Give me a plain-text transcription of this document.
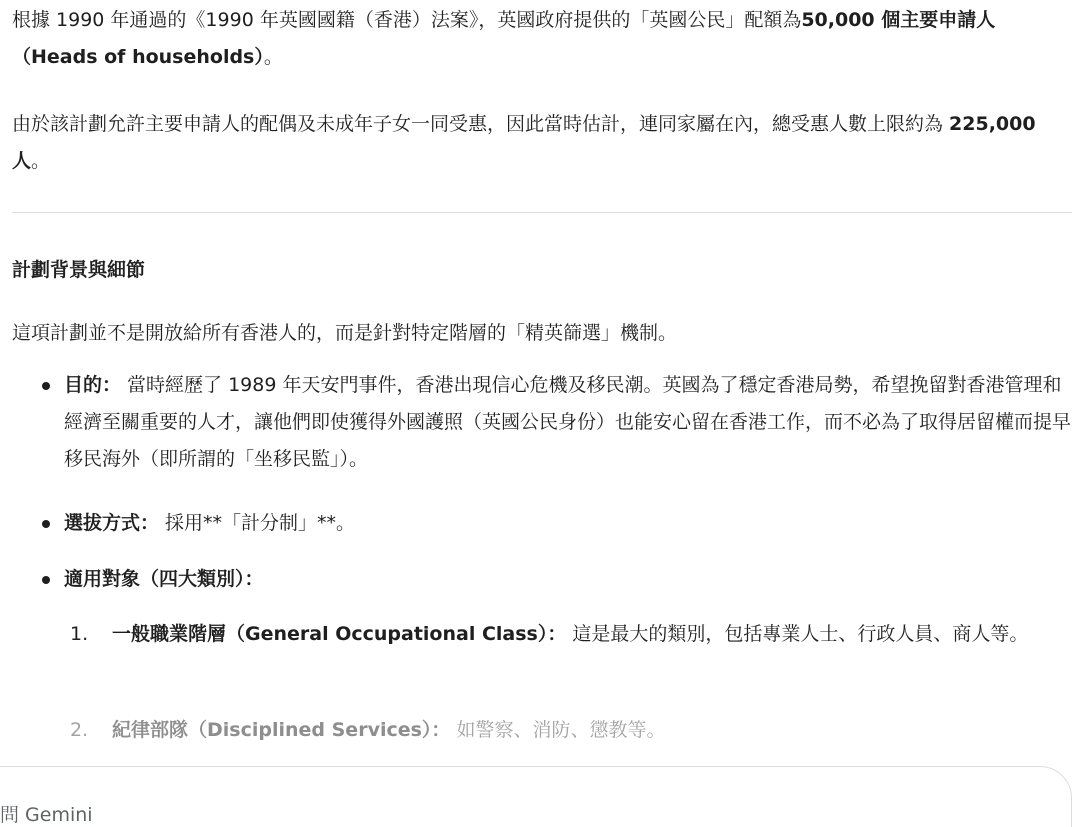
根據 1990 年通過的《1990 年英國國籍（香港）法案》，英國政府提供的「英國公民」配額為50,000 個主要申請人（Heads of households）。

由於該計劃允許主要申請人的配偶及未成年子女一同受惠，因此當時估計，連同家屬在內，總受惠人數上限約為 225,000 人。

計劃背景與細節

這項計劃並不是開放給所有香港人的，而是針對特定階層的「精英篩選」機制。

目的： 當時經歷了 1989 年天安門事件，香港出現信心危機及移民潮。英國為了穩定香港局勢，希望挽留對香港管理和經濟至關重要的人才，讓他們即使獲得外國護照（英國公民身份）也能安心留在香港工作，而不必為了取得居留權而提早移民海外（即所謂的「坐移民監」）。
選拔方式： 採用**「計分制」**。
適用對象（四大類別）：
1. 一般職業階層（General Occupational Class）： 這是最大的類別，包括專業人士、行政人員、商人等。
2. 紀律部隊（Disciplined Services）： 如警察、消防、懲教等。
問 Gemini
